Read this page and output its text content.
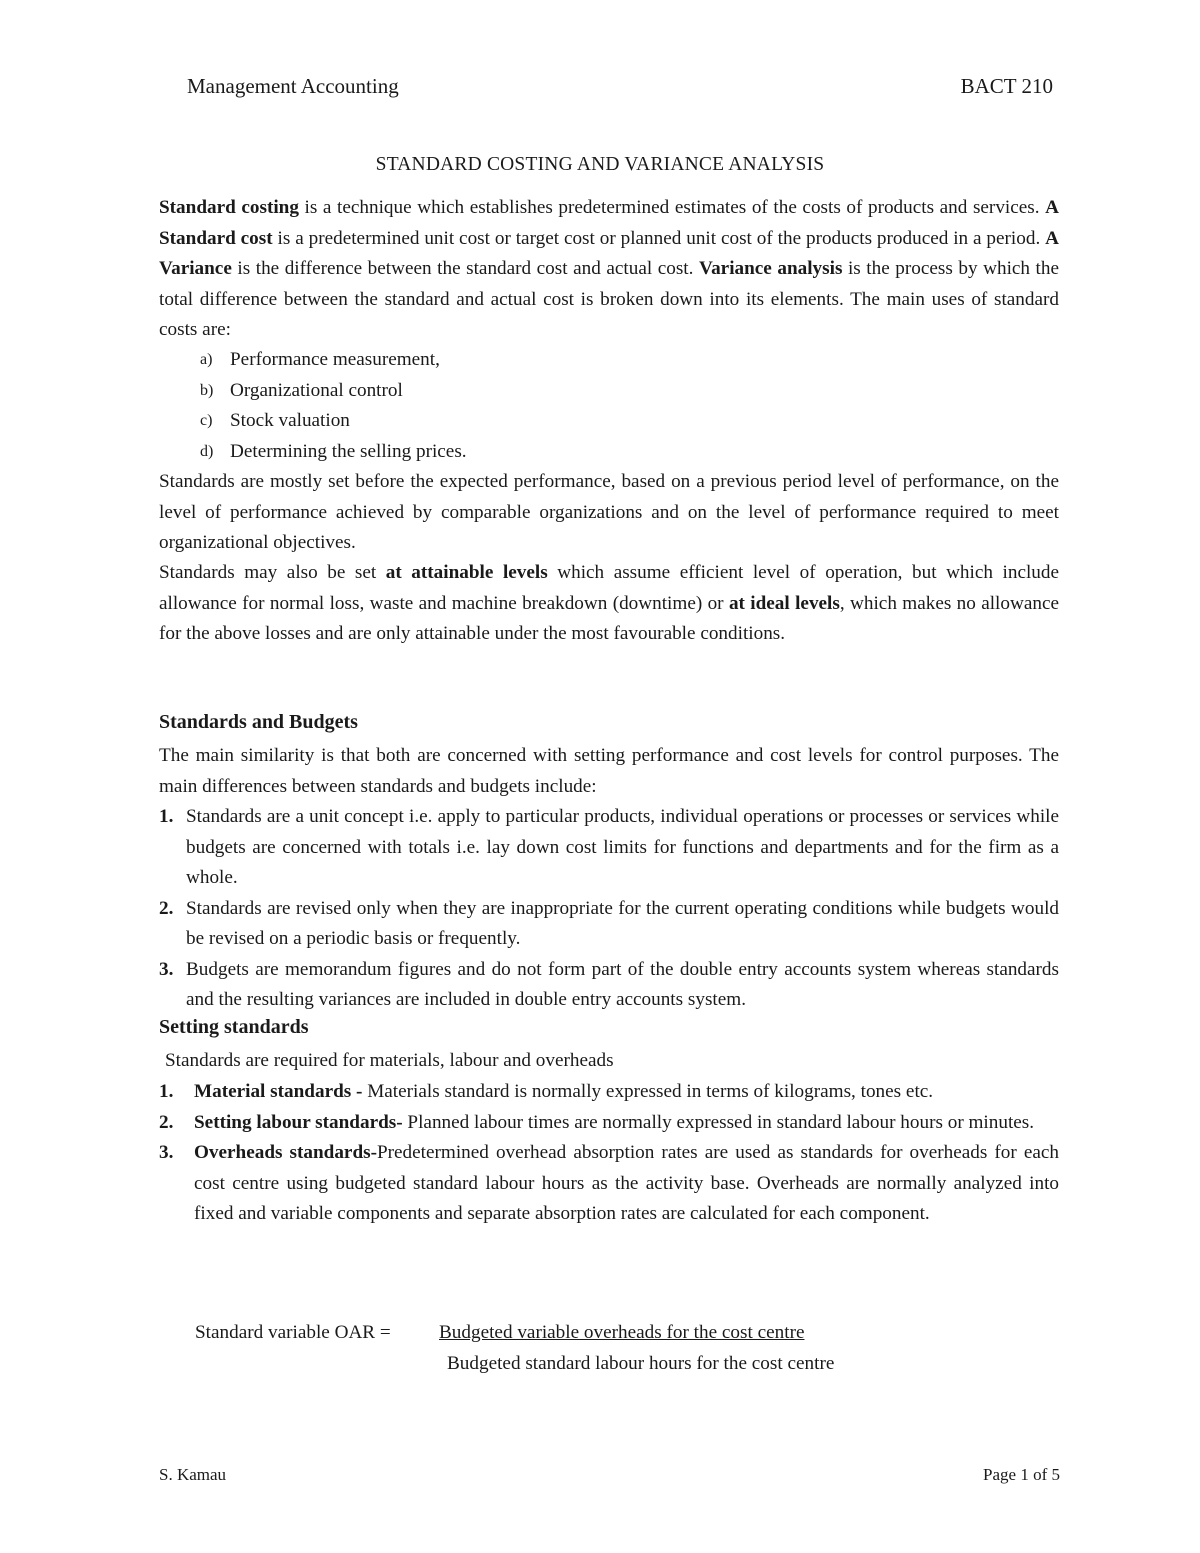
Management Accounting	BACT 210
STANDARD COSTING AND VARIANCE ANALYSIS
Standard costing is a technique which establishes predetermined estimates of the costs of products and services. A Standard cost is a predetermined unit cost or target cost or planned unit cost of the products produced in a period. A Variance is the difference between the standard cost and actual cost. Variance analysis is the process by which the total difference between the standard and actual cost is broken down into its elements. The main uses of standard costs are:
a) Performance measurement,
b) Organizational control
c) Stock valuation
d) Determining the selling prices.
Standards are mostly set before the expected performance, based on a previous period level of performance, on the level of performance achieved by comparable organizations and on the level of performance required to meet organizational objectives.
Standards may also be set at attainable levels which assume efficient level of operation, but which include allowance for normal loss, waste and machine breakdown (downtime) or at ideal levels, which makes no allowance for the above losses and are only attainable under the most favourable conditions.
Standards and Budgets
The main similarity is that both are concerned with setting performance and cost levels for control purposes. The main differences between standards and budgets include:
1. Standards are a unit concept i.e. apply to particular products, individual operations or processes or services while budgets are concerned with totals i.e. lay down cost limits for functions and departments and for the firm as a whole.
2. Standards are revised only when they are inappropriate for the current operating conditions while budgets would be revised on a periodic basis or frequently.
3. Budgets are memorandum figures and do not form part of the double entry accounts system whereas standards and the resulting variances are included in double entry accounts system.
Setting standards
Standards are required for materials, labour and overheads
1.	Material standards - Materials standard is normally expressed in terms of kilograms, tones etc.
2.	Setting labour standards- Planned labour times are normally expressed in standard labour hours or minutes.
3.	Overheads standards-Predetermined overhead absorption rates are used as standards for overheads for each cost centre using budgeted standard labour hours as the activity base. Overheads are normally analyzed into fixed and variable components and separate absorption rates are calculated for each component.
Standard variable OAR =	Budgeted variable overheads for the cost centre
Budgeted standard labour hours for the cost centre
S. Kamau	Page 1 of 5
